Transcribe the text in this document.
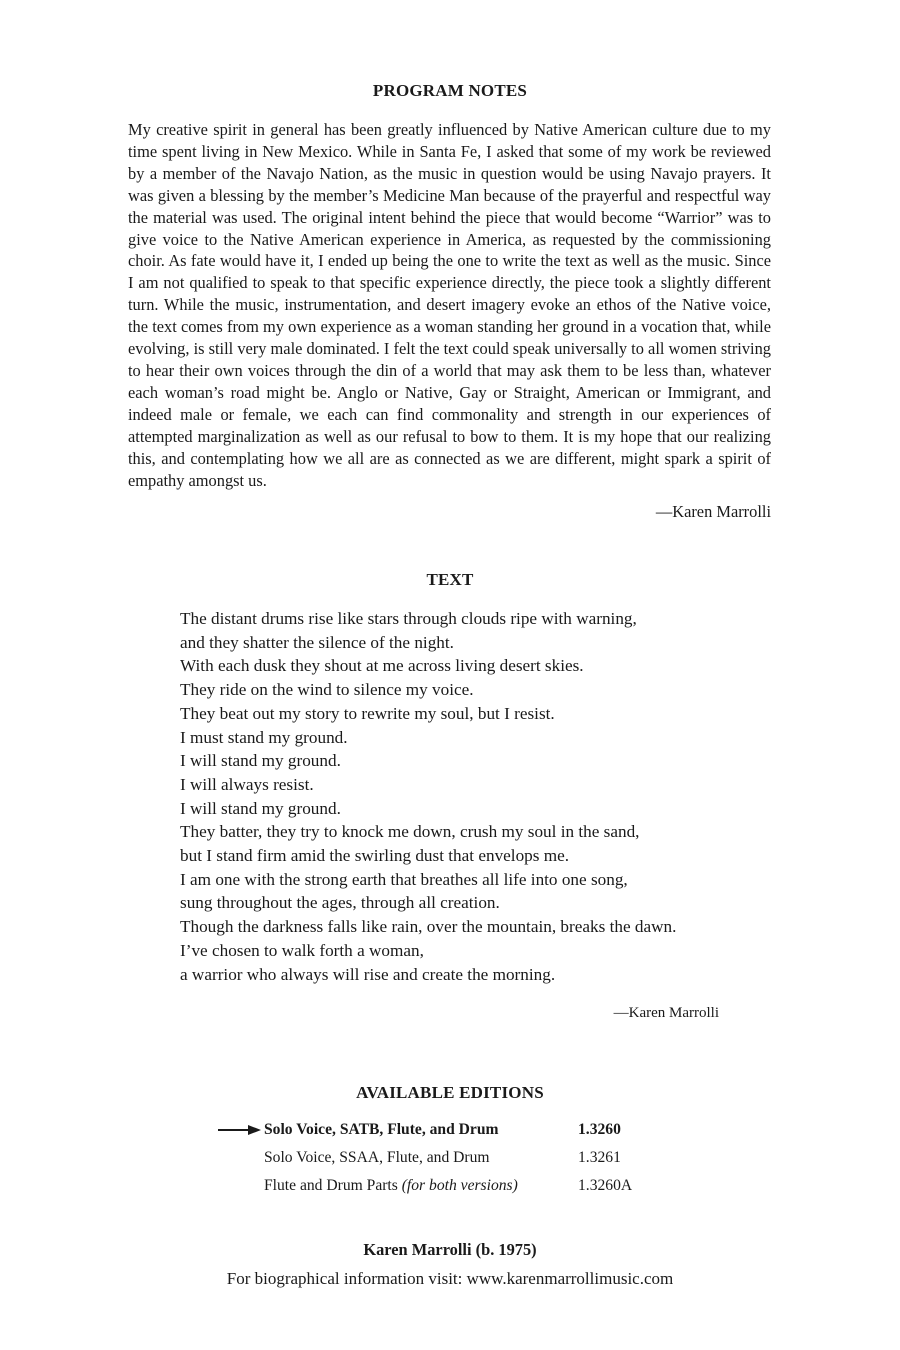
PROGRAM NOTES
My creative spirit in general has been greatly influenced by Native American culture due to my time spent living in New Mexico. While in Santa Fe, I asked that some of my work be reviewed by a member of the Navajo Nation, as the music in question would be using Navajo prayers. It was given a blessing by the member’s Medicine Man because of the prayerful and respectful way the material was used. The original intent behind the piece that would become “Warrior” was to give voice to the Native American experience in America, as requested by the commissioning choir. As fate would have it, I ended up being the one to write the text as well as the music. Since I am not qualified to speak to that specific experience directly, the piece took a slightly different turn. While the music, instrumentation, and desert imagery evoke an ethos of the Native voice, the text comes from my own experience as a woman standing her ground in a vocation that, while evolving, is still very male dominated. I felt the text could speak universally to all women striving to hear their own voices through the din of a world that may ask them to be less than, whatever each woman’s road might be. Anglo or Native, Gay or Straight, American or Immigrant, and indeed male or female, we each can find commonality and strength in our experiences of attempted marginalization as well as our refusal to bow to them. It is my hope that our realizing this, and contemplating how we all are as connected as we are different, might spark a spirit of empathy amongst us.
—Karen Marrolli
TEXT
The distant drums rise like stars through clouds ripe with warning,
and they shatter the silence of the night.
With each dusk they shout at me across living desert skies.
They ride on the wind to silence my voice.
They beat out my story to rewrite my soul, but I resist.
I must stand my ground.
I will stand my ground.
I will always resist.
I will stand my ground.
They batter, they try to knock me down, crush my soul in the sand,
but I stand firm amid the swirling dust that envelops me.
I am one with the strong earth that breathes all life into one song,
sung throughout the ages, through all creation.
Though the darkness falls like rain, over the mountain, breaks the dawn.
I’ve chosen to walk forth a woman,
a warrior who always will rise and create the morning.
—Karen Marrolli
AVAILABLE EDITIONS
Solo Voice, SATB, Flute, and Drum	1.3260
Solo Voice, SSAA, Flute, and Drum	1.3261
Flute and Drum Parts (for both versions)	1.3260A
Karen Marrolli (b. 1975)
For biographical information visit: www.karenmarrollimusic.com
